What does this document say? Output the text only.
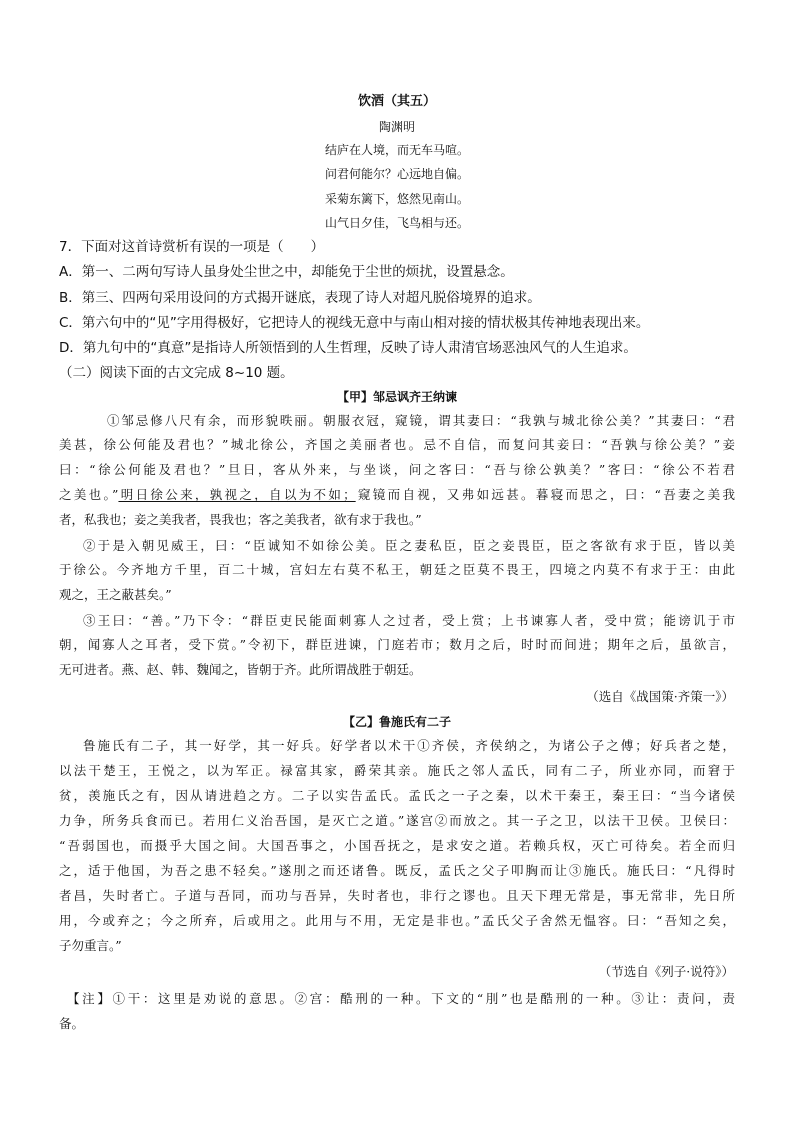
饮酒（其五）
陶渊明
结庐在人境，而无车马喧。
问君何能尔？心远地自偏。
采菊东篱下，悠然见南山。
山气日夕佳，飞鸟相与还。
7．下面对这首诗赏析有误的一项是（　　）
A．第一、二两句写诗人虽身处尘世之中，却能免于尘世的烦扰，设置悬念。
B．第三、四两句采用设问的方式揭开谜底，表现了诗人对超凡脱俗境界的追求。
C．第六句中的“见”字用得极好，它把诗人的视线无意中与南山相对接的情状极其传神地表现出来。
D．第九句中的“真意”是指诗人所领悟到的人生哲理，反映了诗人肃清官场恶浊风气的人生追求。
（二）阅读下面的古文完成 8~10 题。
【甲】邹忌讽齐王纳谏
①邹忌修八尺有余，而形貌昳丽。朝服衣冠，窥镜，谓其妻曰：“我孰与城北徐公美？”其妻曰：“君
美甚，徐公何能及君也？”城北徐公，齐国之美丽者也。忌不自信，而复问其妾曰：“吾孰与徐公美？”妾
曰：“徐公何能及君也？”旦日，客从外来，与坐谈，问之客曰：“吾与徐公孰美？”客曰：“徐公不若君
之美也。”明日徐公来，孰视之，自以为不如；窥镜而自视，又弗如远甚。暮寝而思之，曰：“吾妻之美我
者，私我也；妾之美我者，畏我也；客之美我者，欲有求于我也。”
②于是入朝见威王，曰：“臣诚知不如徐公美。臣之妻私臣，臣之妾畏臣，臣之客欲有求于臣，皆以美
于徐公。今齐地方千里，百二十城，宫妇左右莫不私王，朝廷之臣莫不畏王，四境之内莫不有求于王：由此
观之，王之蔽甚矣。”
③王曰：“善。”乃下令：“群臣吏民能面刺寡人之过者，受上赏；上书谏寡人者，受中赏；能谤讥于市
朝，闻寡人之耳者，受下赏。”令初下，群臣进谏，门庭若市；数月之后，时时而间进；期年之后，虽欲言，
无可进者。燕、赵、韩、魏闻之，皆朝于齐。此所谓战胜于朝廷。
（选自《战国策·齐策一》）
【乙】鲁施氏有二子
鲁施氏有二子，其一好学，其一好兵。好学者以术干①齐侯，齐侯纳之，为诸公子之傅；好兵者之楚，
以法干楚王，王悦之，以为军正。禄富其家，爵荣其亲。施氏之邻人孟氏，同有二子，所业亦同，而窘于
贫，羡施氏之有，因从请进趋之方。二子以实告孟氏。孟氏之一子之秦，以术干秦王，秦王曰：“当今诸侯
力争，所务兵食而已。若用仁义治吾国，是灭亡之道。”遂宫②而放之。其一子之卫，以法干卫侯。卫侯曰：
“吾弱国也，而摄乎大国之间。大国吾事之，小国吾抚之，是求安之道。若赖兵权，灭亡可待矣。若全而归
之，适于他国，为吾之患不轻矣。”遂刖之而还诸鲁。既反，孟氏之父子叩胸而让③施氏。施氏曰：“凡得时
者昌，失时者亡。子道与吾同，而功与吾异，失时者也，非行之谬也。且天下理无常是，事无常非，先日所
用，今或弃之；今之所弃，后或用之。此用与不用，无定是非也。”孟氏父子舍然无愠容。曰：“吾知之矣，
子勿重言。”
（节选自《列子·说符》）
【注】①干：这里是劝说的意思。②宫：酷刑的一种。下文的“刖”也是酷刑的一种。③让：责问，责
备。
